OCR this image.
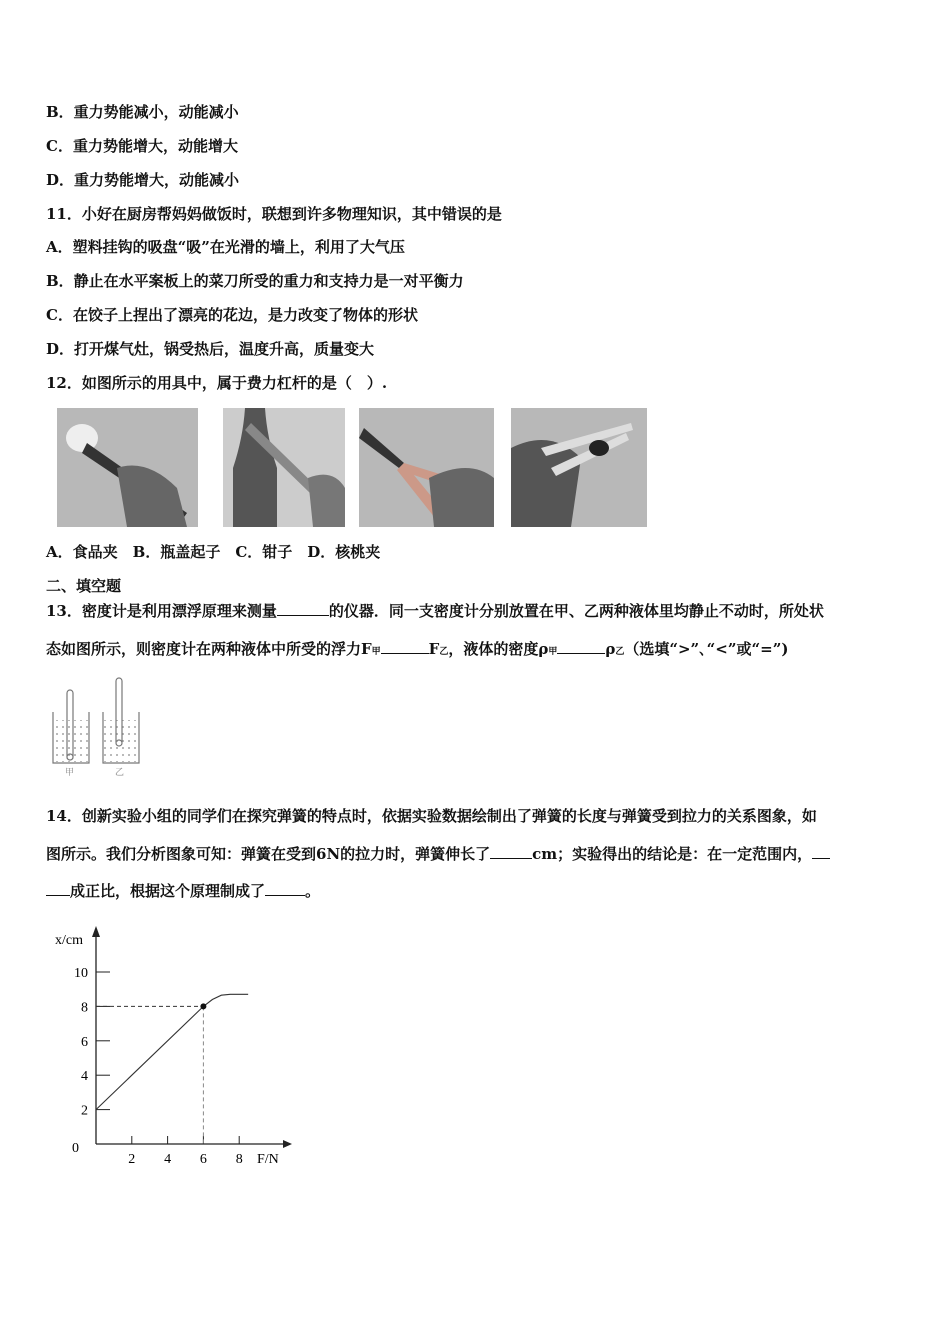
B．重力势能减小，动能减小
C．重力势能增大，动能增大
D．重力势能增大，动能减小
11．小好在厨房帮妈妈做饭时，联想到许多物理知识，其中错误的是
A．塑料挂钩的吸盘“吸”在光滑的墙上，利用了大气压
B．静止在水平案板上的菜刀所受的重力和支持力是一对平衡力
C．在饺子上捏出了漂亮的花边，是力改变了物体的形状
D．打开煤气灶，锅受热后，温度升高，质量变大
12．如图所示的用具中，属于费力杠杆的是（　）.
A．食品夹　B．瓶盖起子　C．钳子　D．核桃夹
二、填空题
13．密度计是利用漂浮原理来测量	的仪器．同一支密度计分别放置在甲、乙两种液体里均静止不动时，所处状
态如图所示，则密度计在两种液体中所受的浮力F甲	F乙，液体的密度ρ甲	ρ乙（选填“>”､“<”或“=”)
甲	乙
14．创新实验小组的同学们在探究弹簧的特点时，依据实验数据绘制出了弹簧的长度与弹簧受到拉力的关系图象，如
图所示。我们分析图象可知：弹簧在受到6N的拉力时，弹簧伸长了	cm；实验得出的结论是：在一定范围内，
成正比，根据这个原理制成了	。
x/cm
F/N
0
2 4 6 8
2
4
6
8
10
